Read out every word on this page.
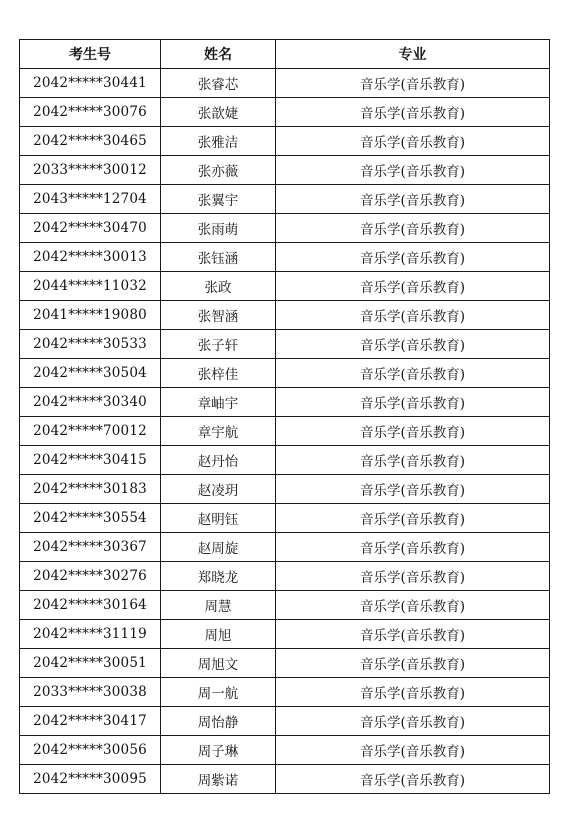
考生号	姓名	专业
2042*****30441	张睿芯	音乐学(音乐教育)
2042*****30076	张歆婕	音乐学(音乐教育)
2042*****30465	张雅洁	音乐学(音乐教育)
2033*****30012	张亦薇	音乐学(音乐教育)
2043*****12704	张翼宇	音乐学(音乐教育)
2042*****30470	张雨萌	音乐学(音乐教育)
2042*****30013	张钰涵	音乐学(音乐教育)
2044*****11032	张政	音乐学(音乐教育)
2041*****19080	张智涵	音乐学(音乐教育)
2042*****30533	张子轩	音乐学(音乐教育)
2042*****30504	张梓佳	音乐学(音乐教育)
2042*****30340	章岫宇	音乐学(音乐教育)
2042*****70012	章宇航	音乐学(音乐教育)
2042*****30415	赵丹怡	音乐学(音乐教育)
2042*****30183	赵凌玥	音乐学(音乐教育)
2042*****30554	赵明钰	音乐学(音乐教育)
2042*****30367	赵周旋	音乐学(音乐教育)
2042*****30276	郑晓龙	音乐学(音乐教育)
2042*****30164	周慧	音乐学(音乐教育)
2042*****31119	周旭	音乐学(音乐教育)
2042*****30051	周旭文	音乐学(音乐教育)
2033*****30038	周一航	音乐学(音乐教育)
2042*****30417	周怡静	音乐学(音乐教育)
2042*****30056	周子琳	音乐学(音乐教育)
2042*****30095	周紫诺	音乐学(音乐教育)
